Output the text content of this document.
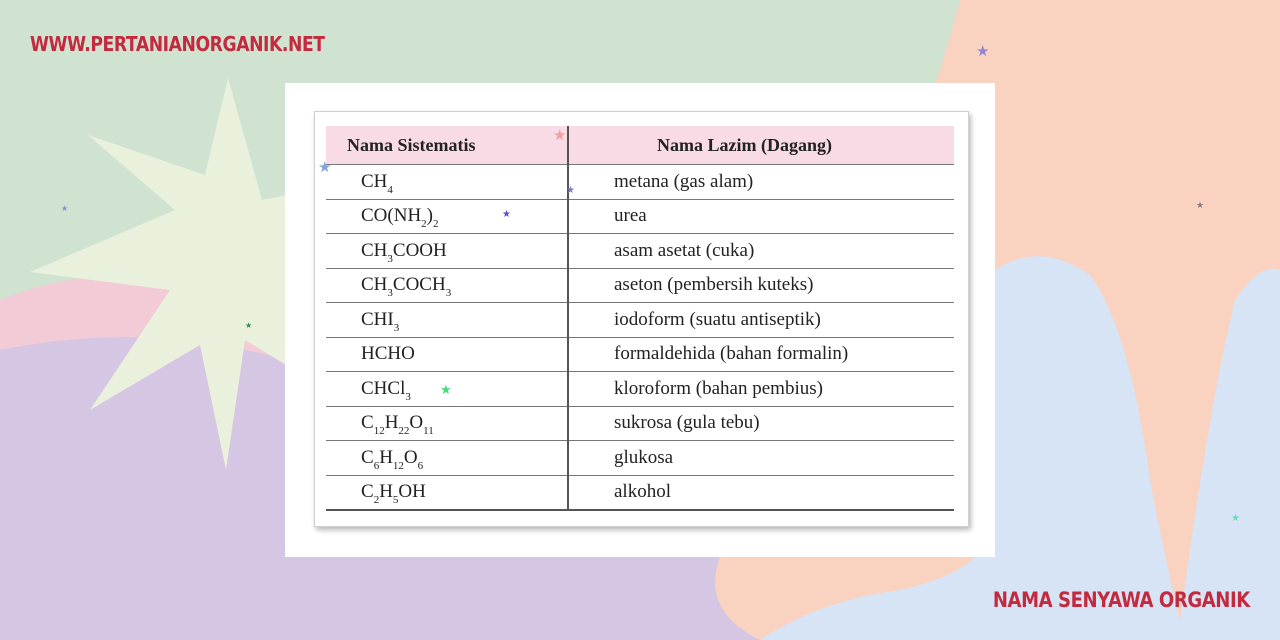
WWW.PERTANIANORGANIK.NET
Nama Sistematis	Nama Lazim (Dagang)
$CH_4$	metana (gas alam)
$CO(NH_2)_2$	urea
$CH_3COOH$	asam asetat (cuka)
$CH_3COCH_3$	aseton (pembersih kuteks)
$CHI_3$	iodoform (suatu antiseptik)
HCHO	formaldehida (bahan formalin)
CHCl$_3$	kloroform (bahan pembius)
$C_{12}H_{22}O_{11}$	sukrosa (gula tebu)
$C_6H_{12}O_6$	glukosa
$C_2H_5OH$	alkohol
NAMA SENYAWA ORGANIK
★
★
★
★
★
★
★
★
★
★
